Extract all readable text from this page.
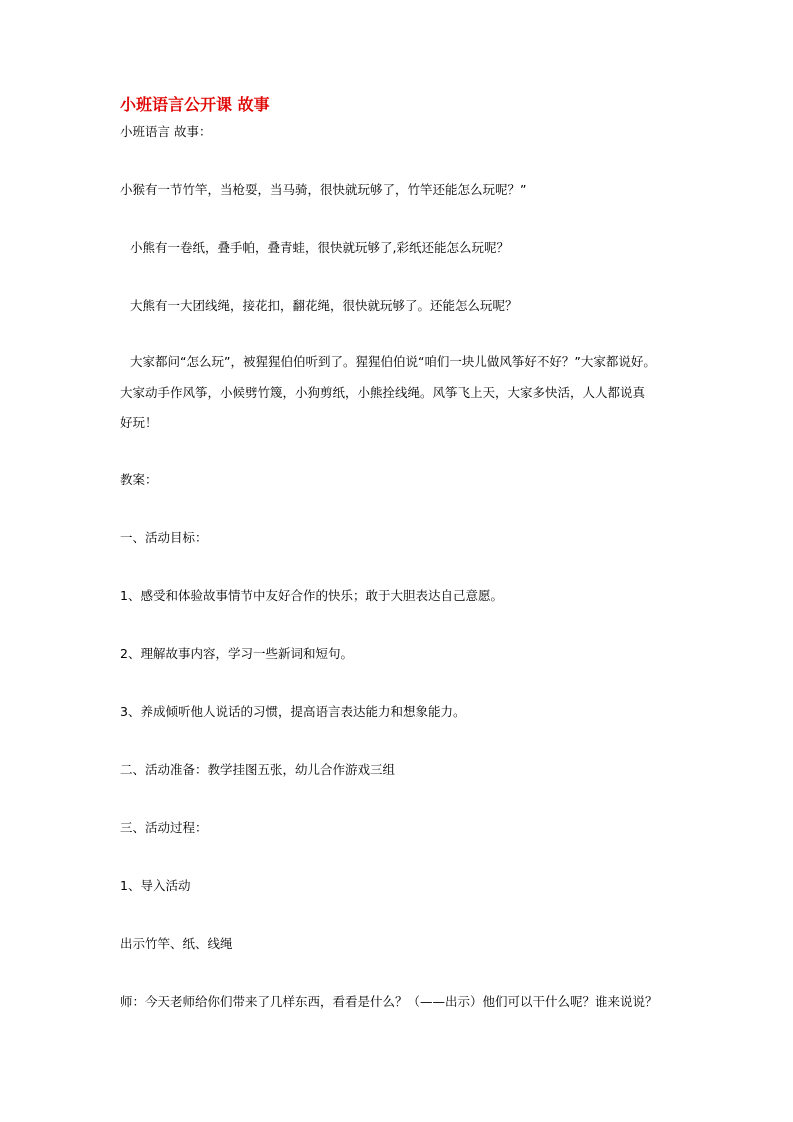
小班语言公开课 故事
小班语言 故事：
小猴有一节竹竿，当枪耍，当马骑，很快就玩够了，竹竿还能怎么玩呢？”
小熊有一卷纸，叠手帕，叠青蛙，很快就玩够了,彩纸还能怎么玩呢？
大熊有一大团线绳，接花扣，翻花绳，很快就玩够了。还能怎么玩呢？
大家都问“怎么玩”，被猩猩伯伯听到了。猩猩伯伯说“咱们一块儿做风筝好不好？”大家都说好。
大家动手作风筝，小候劈竹篾，小狗剪纸，小熊拴线绳。风筝飞上天，大家多快活，人人都说真
好玩！
教案：
一、活动目标：
1、感受和体验故事情节中友好合作的快乐；敢于大胆表达自己意愿。
2、理解故事内容，学习一些新词和短句。
3、养成倾听他人说话的习惯，提高语言表达能力和想象能力。
二、活动准备：教学挂图五张，幼儿合作游戏三组
三、活动过程：
1、导入活动
出示竹竿、纸、线绳
师：今天老师给你们带来了几样东西，看看是什么？（——出示）他们可以干什么呢？谁来说说？
